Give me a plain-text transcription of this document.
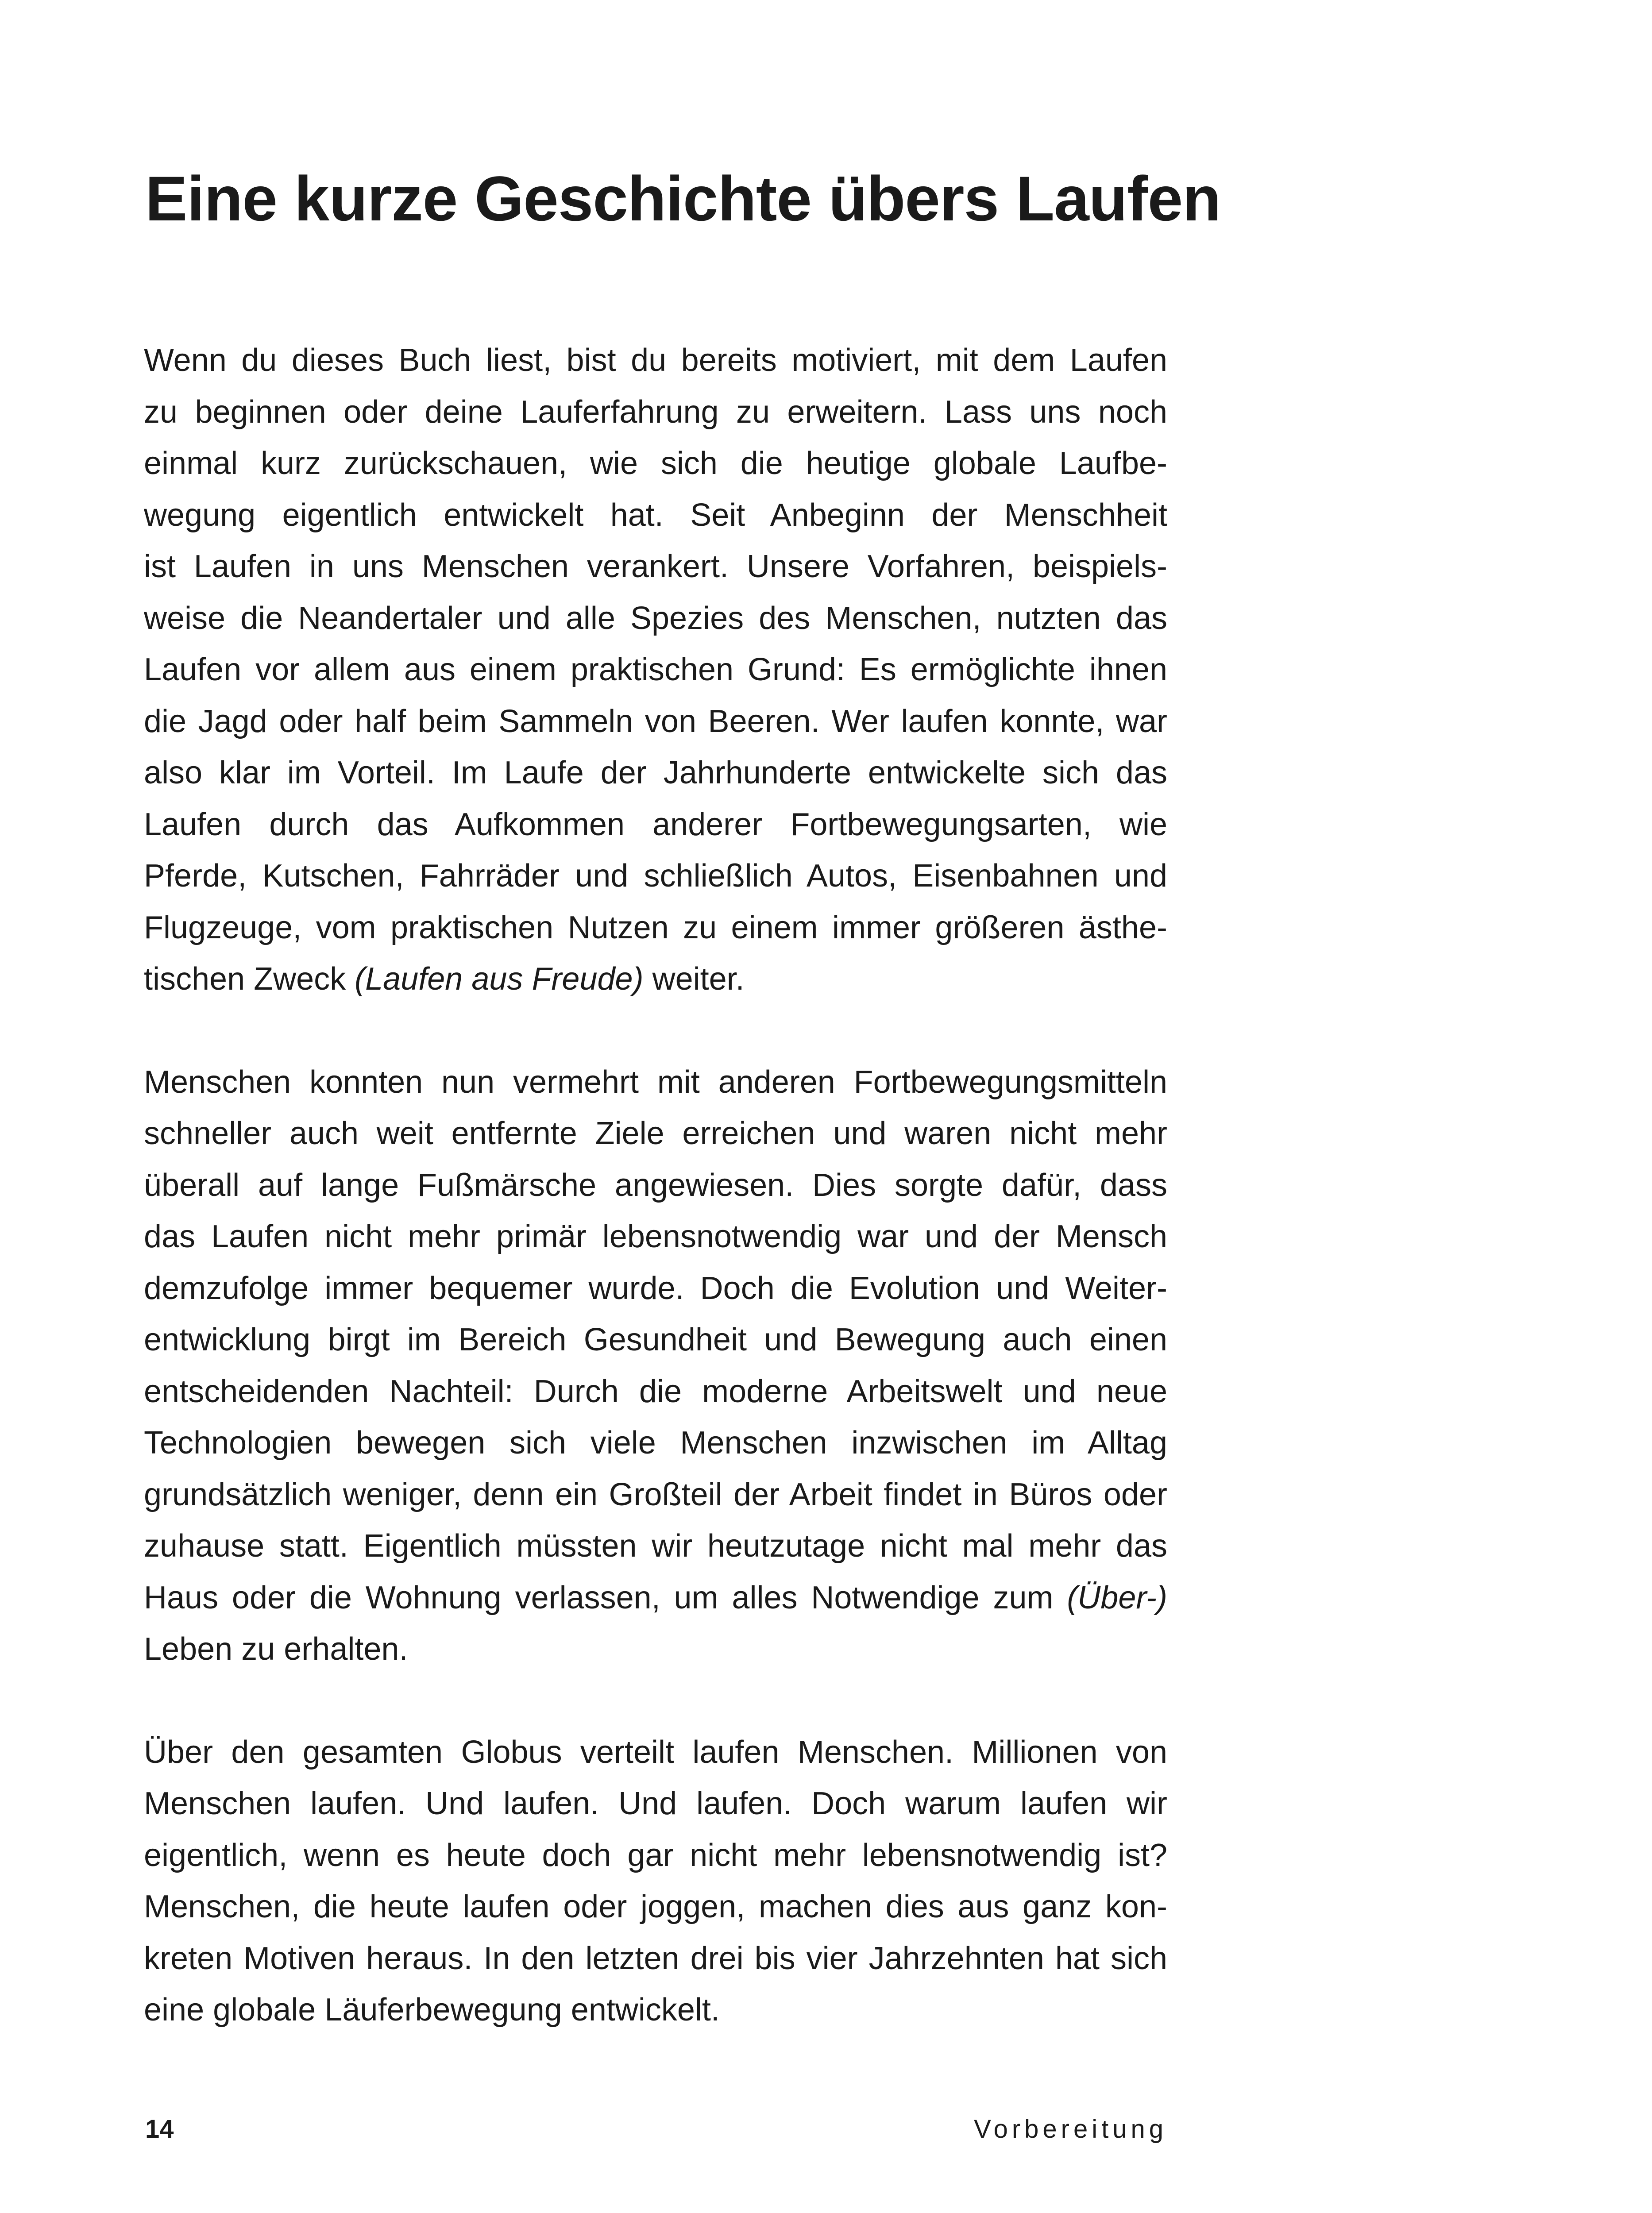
Eine kurze Geschichte übers Laufen

Wenn du dieses Buch liest, bist du bereits motiviert, mit dem Laufen
zu beginnen oder deine Lauferfahrung zu erweitern. Lass uns noch
einmal kurz zurückschauen, wie sich die heutige globale Laufbe-
wegung eigentlich entwickelt hat. Seit Anbeginn der Menschheit
ist Laufen in uns Menschen verankert. Unsere Vorfahren, beispiels-
weise die Neandertaler und alle Spezies des Menschen, nutzten das
Laufen vor allem aus einem praktischen Grund: Es ermöglichte ihnen
die Jagd oder half beim Sammeln von Beeren. Wer laufen konnte, war
also klar im Vorteil. Im Laufe der Jahrhunderte entwickelte sich das
Laufen durch das Aufkommen anderer Fortbewegungsarten, wie
Pferde, Kutschen, Fahrräder und schließlich Autos, Eisenbahnen und
Flugzeuge, vom praktischen Nutzen zu einem immer größeren ästhe-
tischen Zweck (Laufen aus Freude) weiter.

Menschen konnten nun vermehrt mit anderen Fortbewegungsmitteln
schneller auch weit entfernte Ziele erreichen und waren nicht mehr
überall auf lange Fußmärsche angewiesen. Dies sorgte dafür, dass
das Laufen nicht mehr primär lebensnotwendig war und der Mensch
demzufolge immer bequemer wurde. Doch die Evolution und Weiter-
entwicklung birgt im Bereich Gesundheit und Bewegung auch einen
entscheidenden Nachteil: Durch die moderne Arbeitswelt und neue
Technologien bewegen sich viele Menschen inzwischen im Alltag
grundsätzlich weniger, denn ein Großteil der Arbeit findet in Büros oder
zuhause statt. Eigentlich müssten wir heutzutage nicht mal mehr das
Haus oder die Wohnung verlassen, um alles Notwendige zum (Über-)
Leben zu erhalten.

Über den gesamten Globus verteilt laufen Menschen. Millionen von
Menschen laufen. Und laufen. Und laufen. Doch warum laufen wir
eigentlich, wenn es heute doch gar nicht mehr lebensnotwendig ist?
Menschen, die heute laufen oder joggen, machen dies aus ganz kon-
kreten Motiven heraus. In den letzten drei bis vier Jahrzehnten hat sich
eine globale Läuferbewegung entwickelt.

14	Vorbereitung
